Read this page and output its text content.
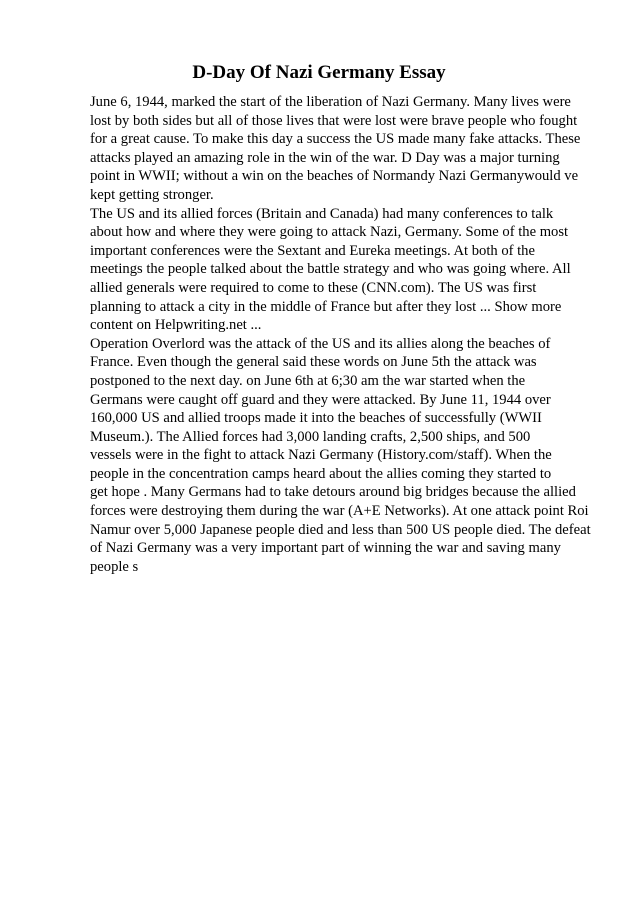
D-Day Of Nazi Germany Essay
June 6, 1944, marked the start of the liberation of Nazi Germany. Many lives were
lost by both sides but all of those lives that were lost were brave people who fought
for a great cause. To make this day a success the US made many fake attacks. These
attacks played an amazing role in the win of the war. D Day was a major turning
point in WWII; without a win on the beaches of Normandy Nazi Germanywould ve
kept getting stronger.
The US and its allied forces (Britain and Canada) had many conferences to talk
about how and where they were going to attack Nazi, Germany. Some of the most
important conferences were the Sextant and Eureka meetings. At both of the
meetings the people talked about the battle strategy and who was going where. All
allied generals were required to come to these (CNN.com). The US was first
planning to attack a city in the middle of France but after they lost ... Show more
content on Helpwriting.net ...
Operation Overlord was the attack of the US and its allies along the beaches of
France. Even though the general said these words on June 5th the attack was
postponed to the next day. on June 6th at 6;30 am the war started when the
Germans were caught off guard and they were attacked. By June 11, 1944 over
160,000 US and allied troops made it into the beaches of successfully (WWII
Museum.). The Allied forces had 3,000 landing crafts, 2,500 ships, and 500
vessels were in the fight to attack Nazi Germany (History.com/staff). When the
people in the concentration camps heard about the allies coming they started to
get hope . Many Germans had to take detours around big bridges because the allied
forces were destroying them during the war (A+E Networks). At one attack point Roi
Namur over 5,000 Japanese people died and less than 500 US people died. The defeat
of Nazi Germany was a very important part of winning the war and saving many
people s
